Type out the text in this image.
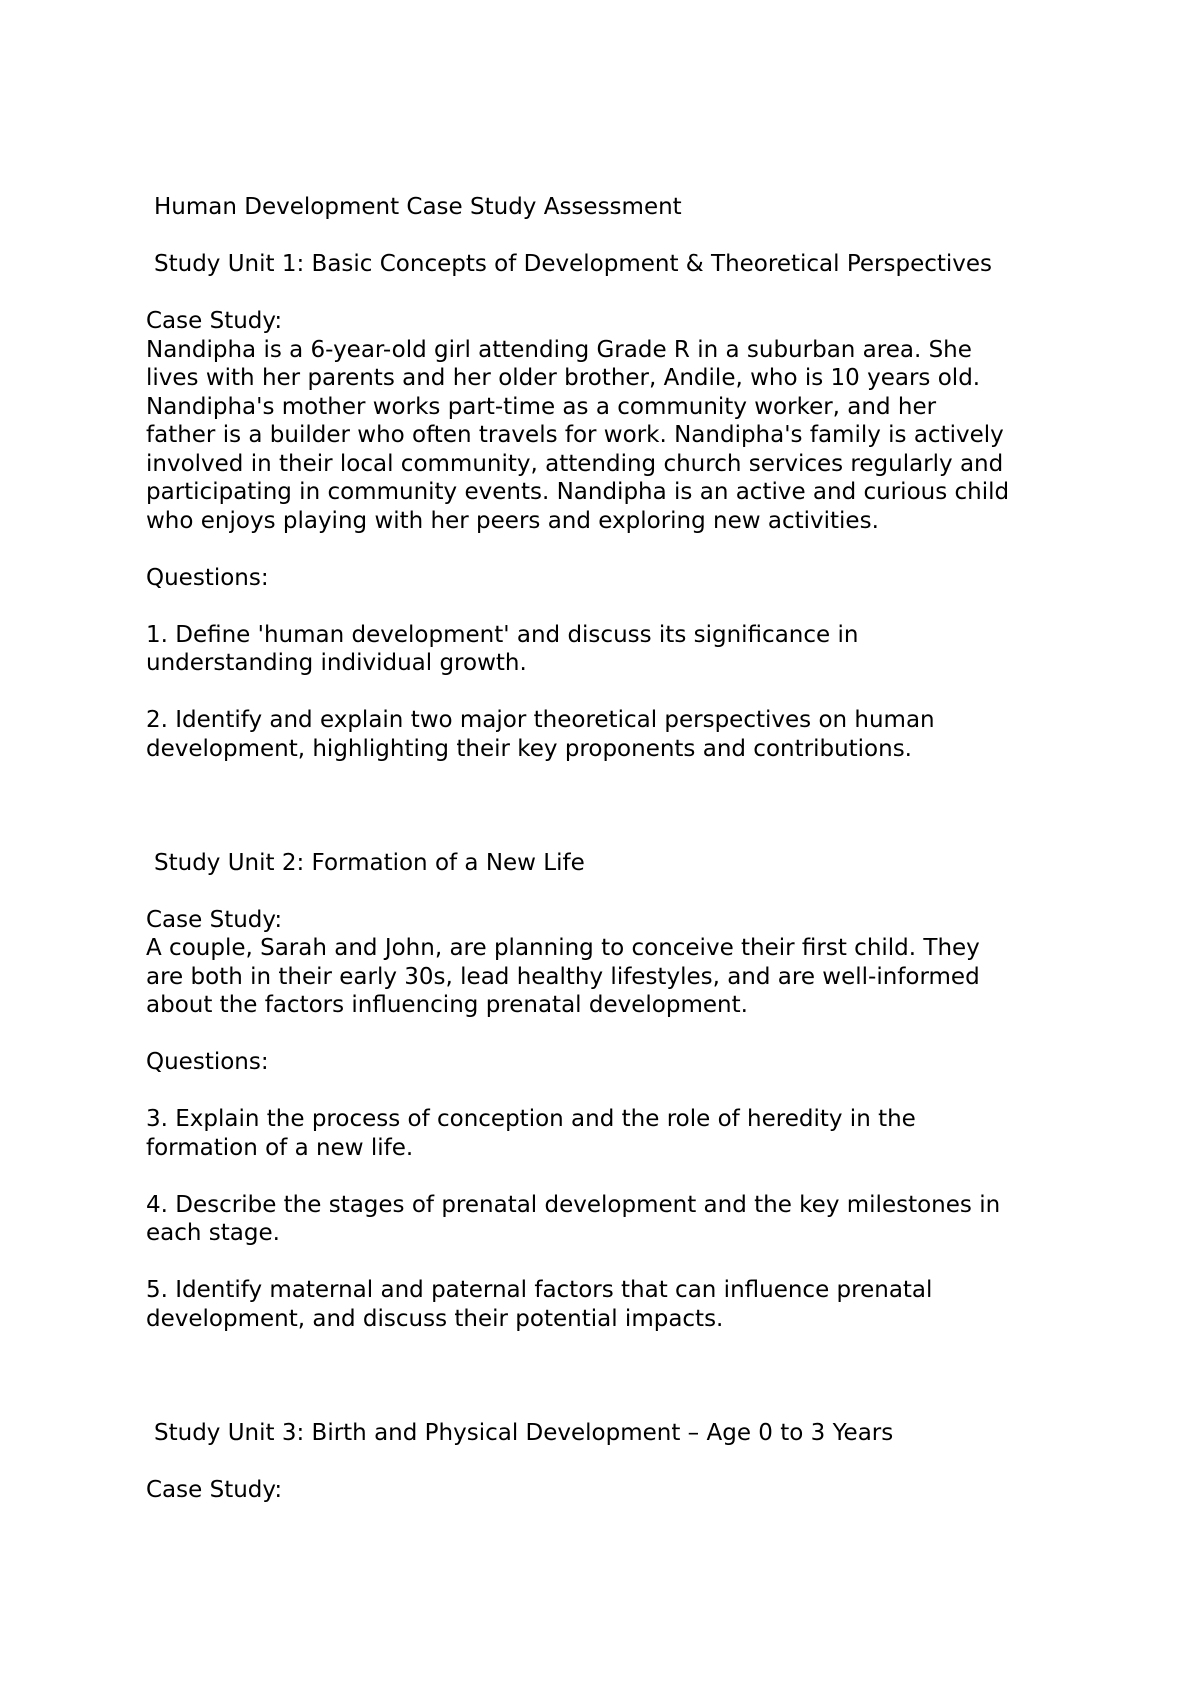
Human Development Case Study Assessment
Study Unit 1: Basic Concepts of Development & Theoretical Perspectives
Case Study:
Nandipha is a 6-year-old girl attending Grade R in a suburban area. She
lives with her parents and her older brother, Andile, who is 10 years old.
Nandipha's mother works part-time as a community worker, and her
father is a builder who often travels for work. Nandipha's family is actively
involved in their local community, attending church services regularly and
participating in community events. Nandipha is an active and curious child
who enjoys playing with her peers and exploring new activities.
Questions:
1. Define 'human development' and discuss its significance in
understanding individual growth.
2. Identify and explain two major theoretical perspectives on human
development, highlighting their key proponents and contributions.
Study Unit 2: Formation of a New Life
Case Study:
A couple, Sarah and John, are planning to conceive their first child. They
are both in their early 30s, lead healthy lifestyles, and are well-informed
about the factors influencing prenatal development.
Questions:
3. Explain the process of conception and the role of heredity in the
formation of a new life.
4. Describe the stages of prenatal development and the key milestones in
each stage.
5. Identify maternal and paternal factors that can influence prenatal
development, and discuss their potential impacts.
Study Unit 3: Birth and Physical Development – Age 0 to 3 Years
Case Study:
